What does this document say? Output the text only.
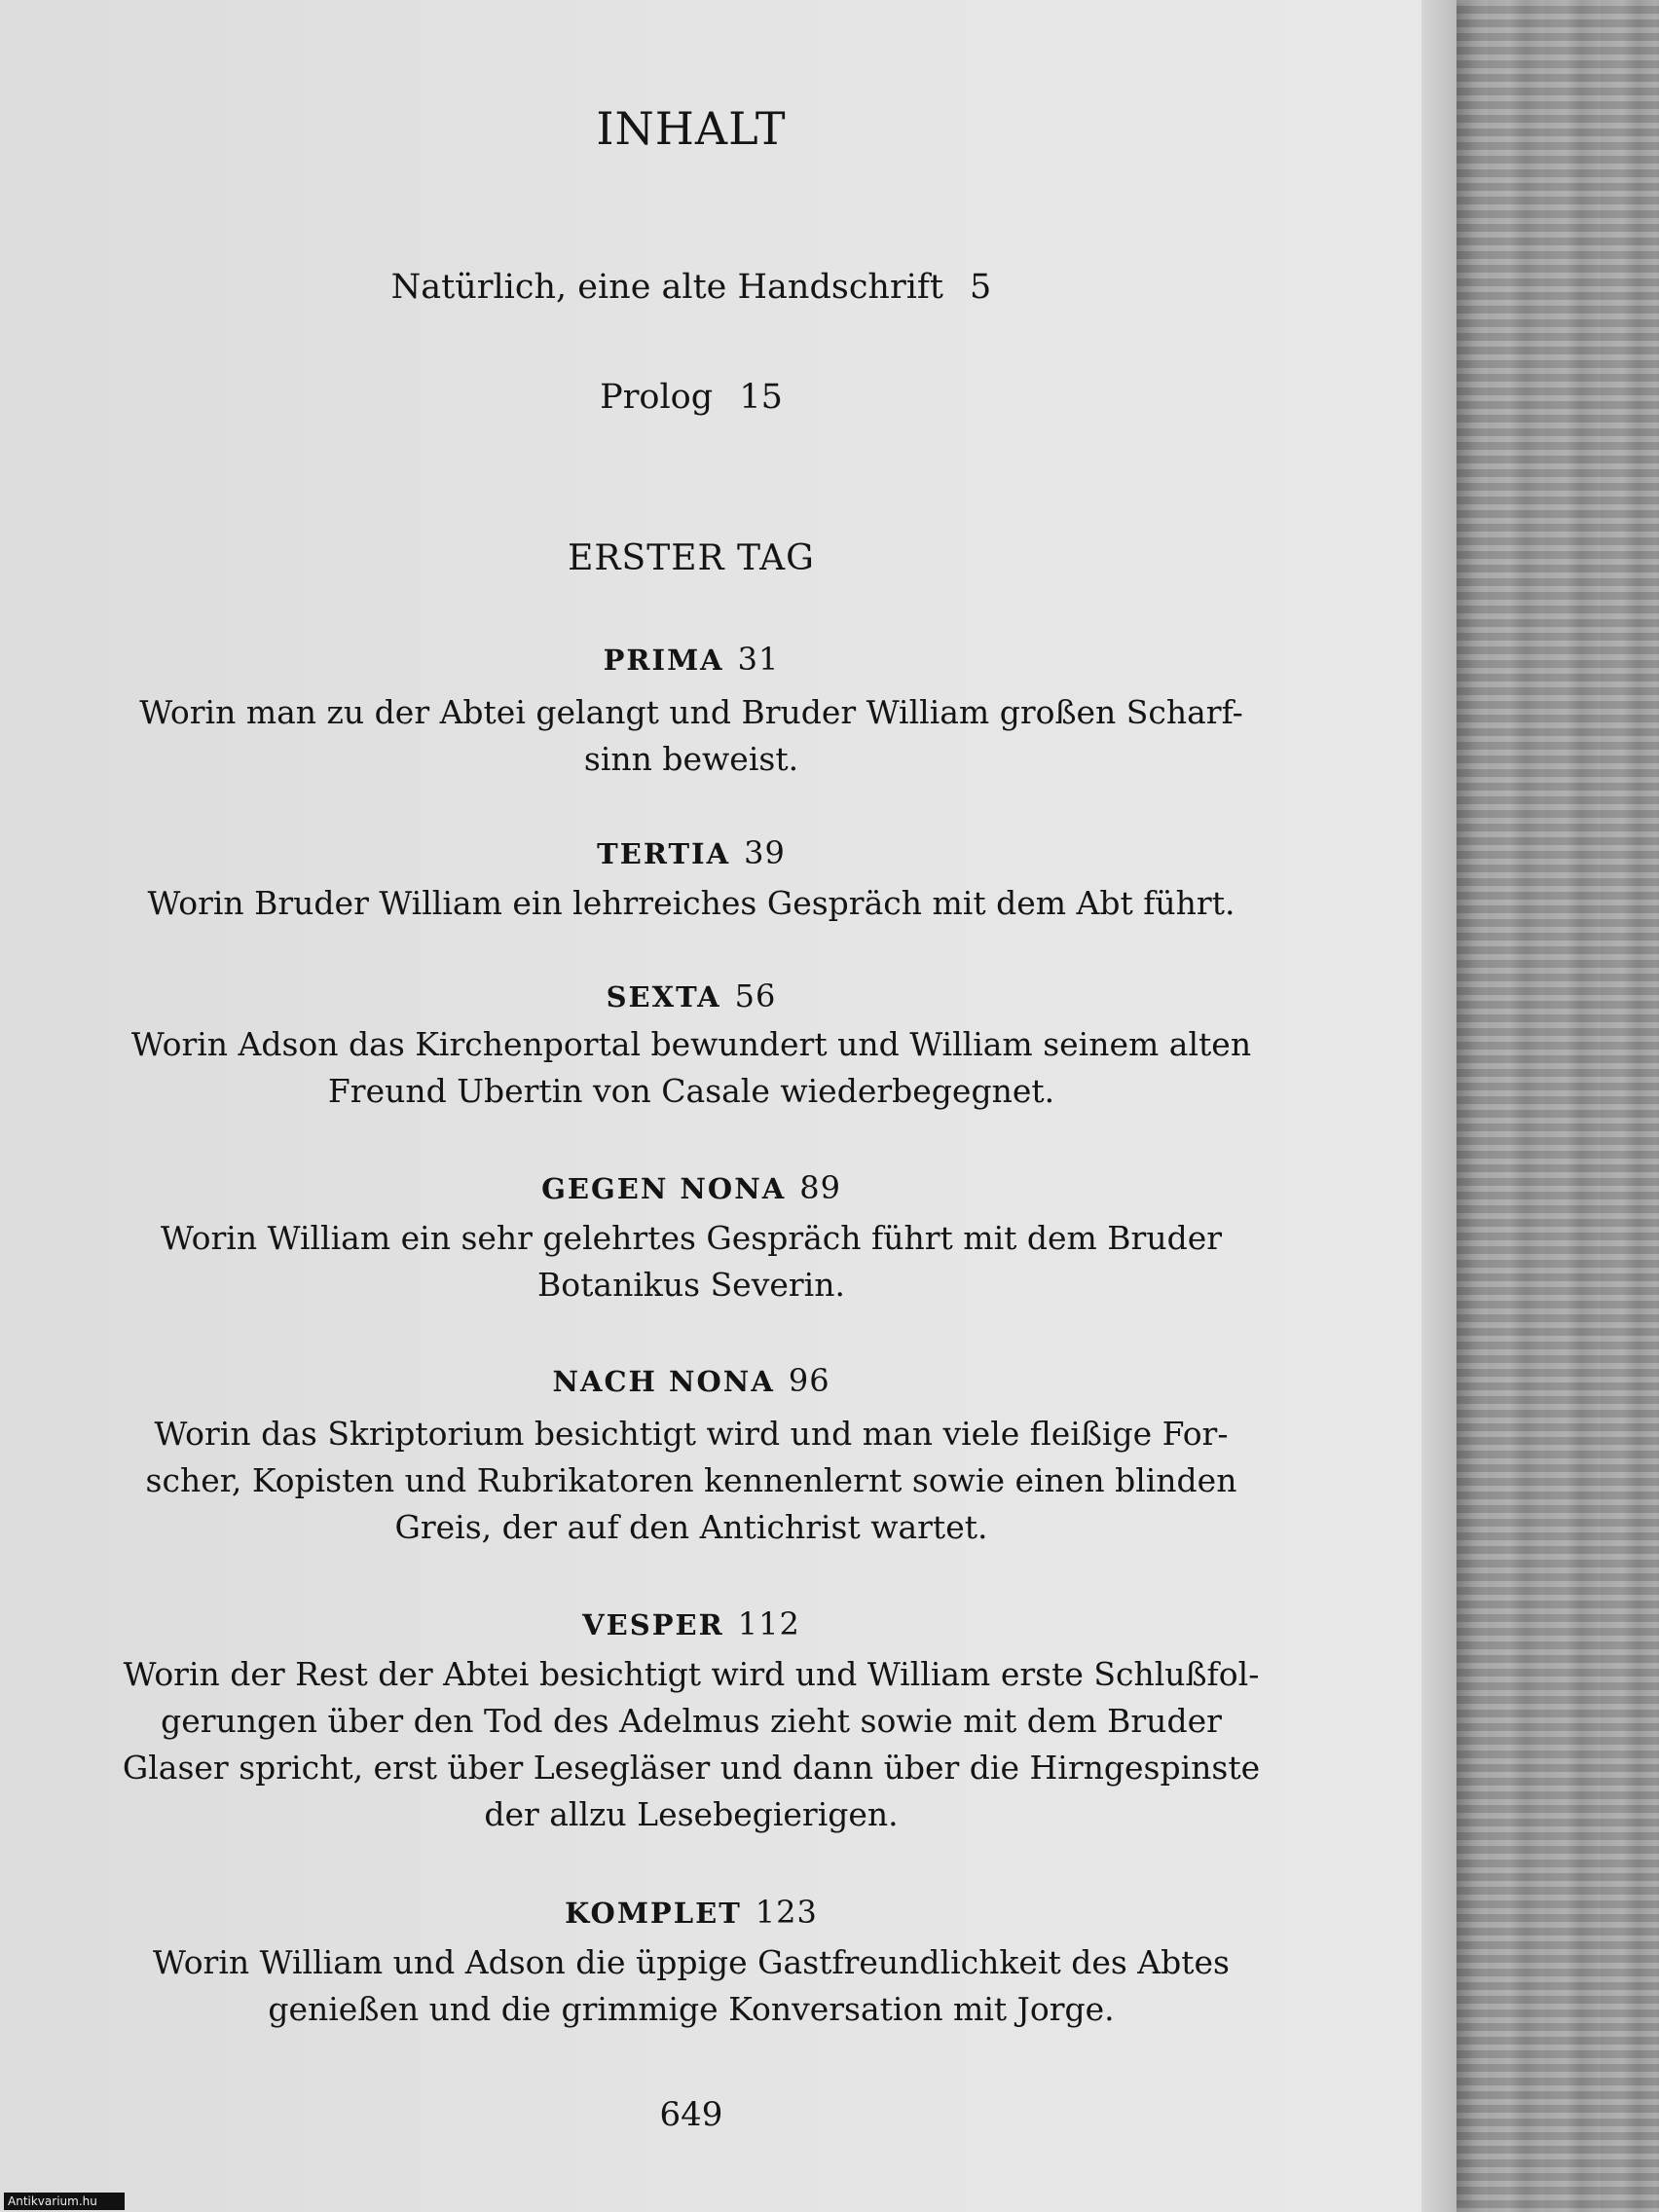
INHALT
Natürlich, eine alte Handschrift 5
Prolog 15
ERSTER TAG
PRIMA 31
Worin man zu der Abtei gelangt und Bruder William großen Scharf-
sinn beweist.
TERTIA 39
Worin Bruder William ein lehrreiches Gespräch mit dem Abt führt.
SEXTA 56
Worin Adson das Kirchenportal bewundert und William seinem alten
Freund Ubertin von Casale wiederbegegnet.
GEGEN NONA 89
Worin William ein sehr gelehrtes Gespräch führt mit dem Bruder
Botanikus Severin.
NACH NONA 96
Worin das Skriptorium besichtigt wird und man viele fleißige For-
scher, Kopisten und Rubrikatoren kennenlernt sowie einen blinden
Greis, der auf den Antichrist wartet.
VESPER 112
Worin der Rest der Abtei besichtigt wird und William erste Schlußfol-
gerungen über den Tod des Adelmus zieht sowie mit dem Bruder
Glaser spricht, erst über Lesegläser und dann über die Hirngespinste
der allzu Lesebegierigen.
KOMPLET 123
Worin William und Adson die üppige Gastfreundlichkeit des Abtes
genießen und die grimmige Konversation mit Jorge.
649
Antikvarium.hu
